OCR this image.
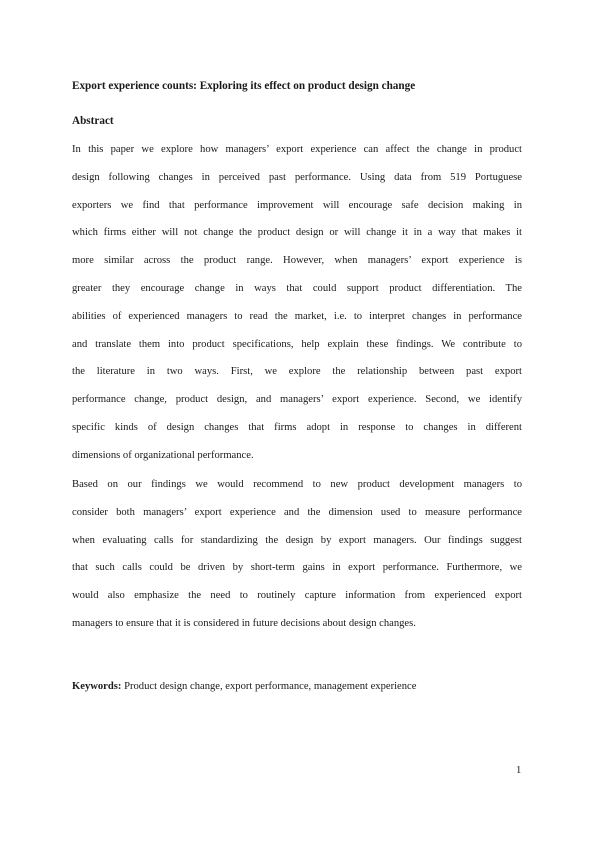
Export experience counts: Exploring its effect on product design change

Abstract

In this paper we explore how managers’ export experience can affect the change in product

design following changes in perceived past performance. Using data from 519 Portuguese

exporters we find that performance improvement will encourage safe decision making in

which firms either will not change the product design or will change it in a way that makes it

more similar across the product range. However, when managers’ export experience is

greater they encourage change in ways that could support product differentiation. The

abilities of experienced managers to read the market, i.e. to interpret changes in performance

and translate them into product specifications, help explain these findings. We contribute to

the literature in two ways. First, we explore the relationship between past export

performance change, product design, and managers’ export experience. Second, we identify

specific kinds of design changes that firms adopt in response to changes in different

dimensions of organizational performance.

Based on our findings we would recommend to new product development managers to

consider both managers’ export experience and the dimension used to measure performance

when evaluating calls for standardizing the design by export managers. Our findings suggest

that such calls could be driven by short-term gains in export performance. Furthermore, we

would also emphasize the need to routinely capture information from experienced export

managers to ensure that it is considered in future decisions about design changes.

Keywords: Product design change, export performance, management experience

1
